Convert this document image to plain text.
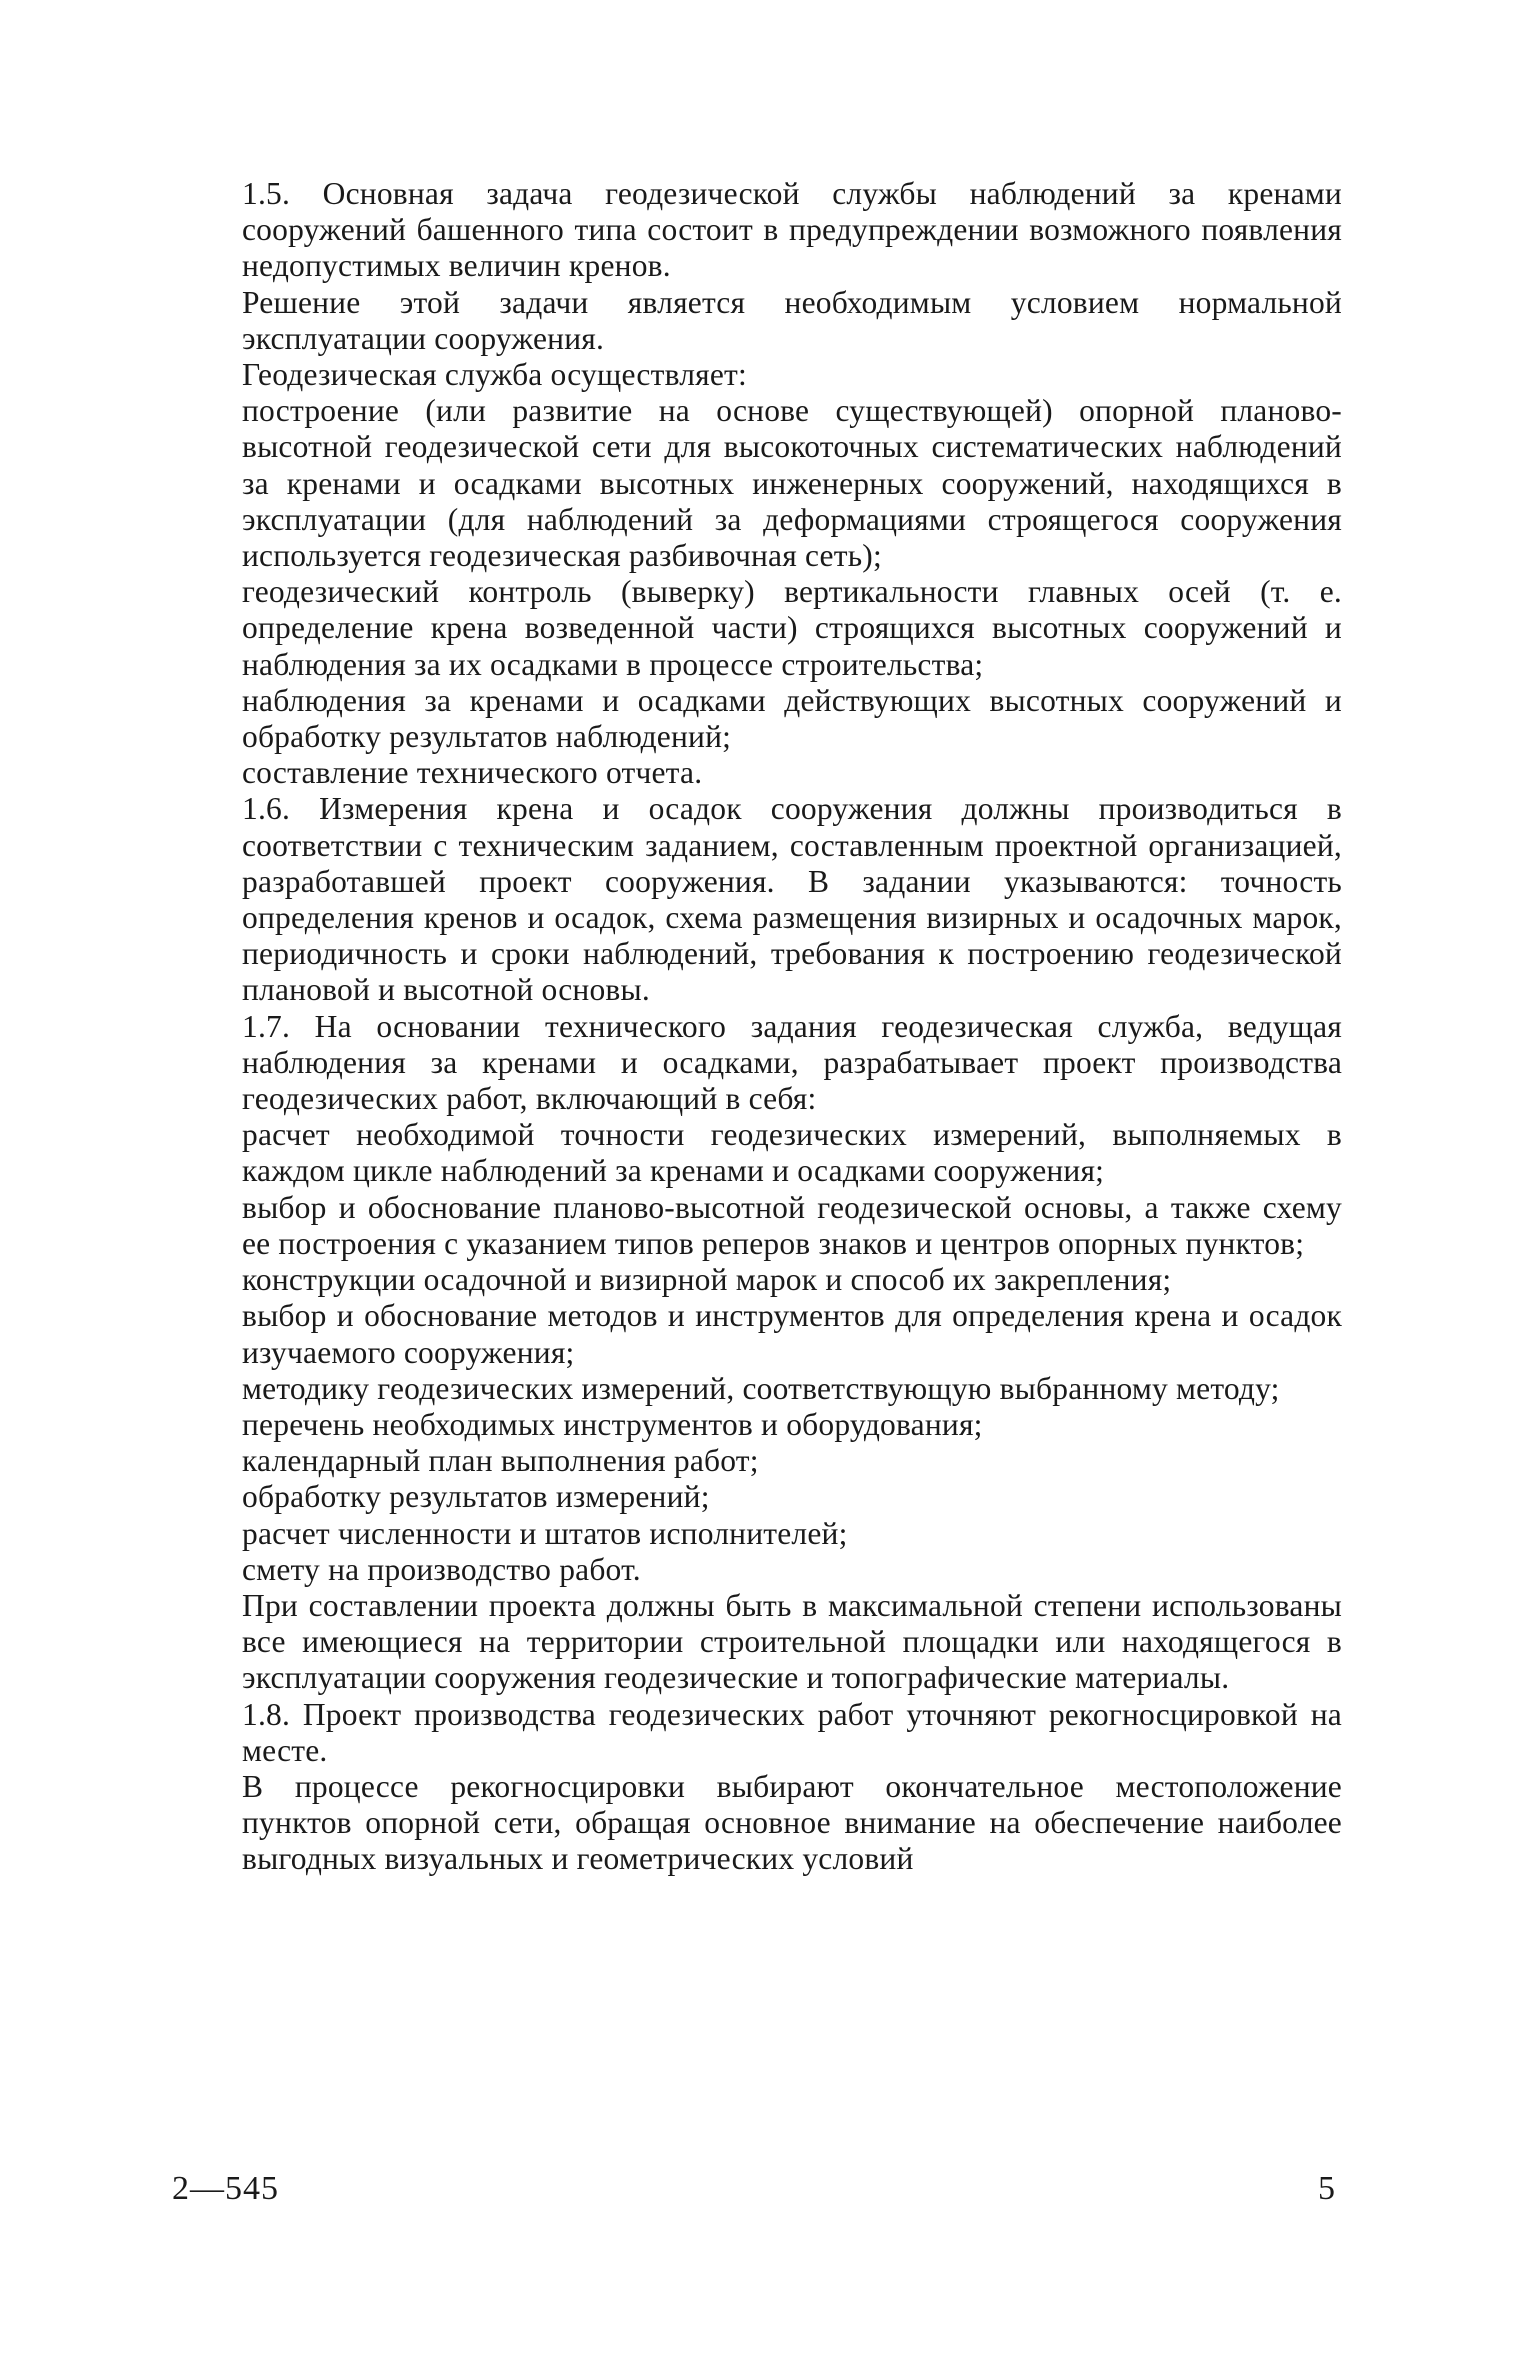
1.5. Основная задача геодезической службы наблюдений за кренами сооружений башенного типа состоит в предупреждении возможного появления недопустимых величин кренов.

Решение этой задачи является необходимым условием нормальной эксплуатации сооружения.

Геодезическая служба осуществляет:

построение (или развитие на основе существующей) опорной планово-высотной геодезической сети для высокоточных систематических наблюдений за кренами и осадками высотных инженерных сооружений, находящихся в эксплуатации (для наблюдений за деформациями строящегося сооружения используется геодезическая разбивочная сеть);

геодезический контроль (выверку) вертикальности главных осей (т. е. определение крена возведенной части) строящихся высотных сооружений и наблюдения за их осадками в процессе строительства;

наблюдения за кренами и осадками действующих высотных сооружений и обработку результатов наблюдений;

составление технического отчета.

1.6. Измерения крена и осадок сооружения должны производиться в соответствии с техническим заданием, составленным проектной организацией, разработавшей проект сооружения. В задании указываются: точность определения кренов и осадок, схема размещения визирных и осадочных марок, периодичность и сроки наблюдений, требования к построению геодезической плановой и высотной основы.

1.7. На основании технического задания геодезическая служба, ведущая наблюдения за кренами и осадками, разрабатывает проект производства геодезических работ, включающий в себя:

расчет необходимой точности геодезических измерений, выполняемых в каждом цикле наблюдений за кренами и осадками сооружения;

выбор и обоснование планово-высотной геодезической основы, а также схему ее построения с указанием типов реперов знаков и центров опорных пунктов;

конструкции осадочной и визирной марок и способ их закрепления;

выбор и обоснование методов и инструментов для определения крена и осадок изучаемого сооружения;

методику геодезических измерений, соответствующую выбранному методу;

перечень необходимых инструментов и оборудования;

календарный план выполнения работ;

обработку результатов измерений;

расчет численности и штатов исполнителей;

смету на производство работ.

При составлении проекта должны быть в максимальной степени использованы все имеющиеся на территории строительной площадки или находящегося в эксплуатации сооружения геодезические и топографические материалы.

1.8. Проект производства геодезических работ уточняют рекогносцировкой на месте.

В процессе рекогносцировки выбирают окончательное местоположение пунктов опорной сети, обращая основное внимание на обеспечение наиболее выгодных визуальных и геометрических условий

2—545	5
